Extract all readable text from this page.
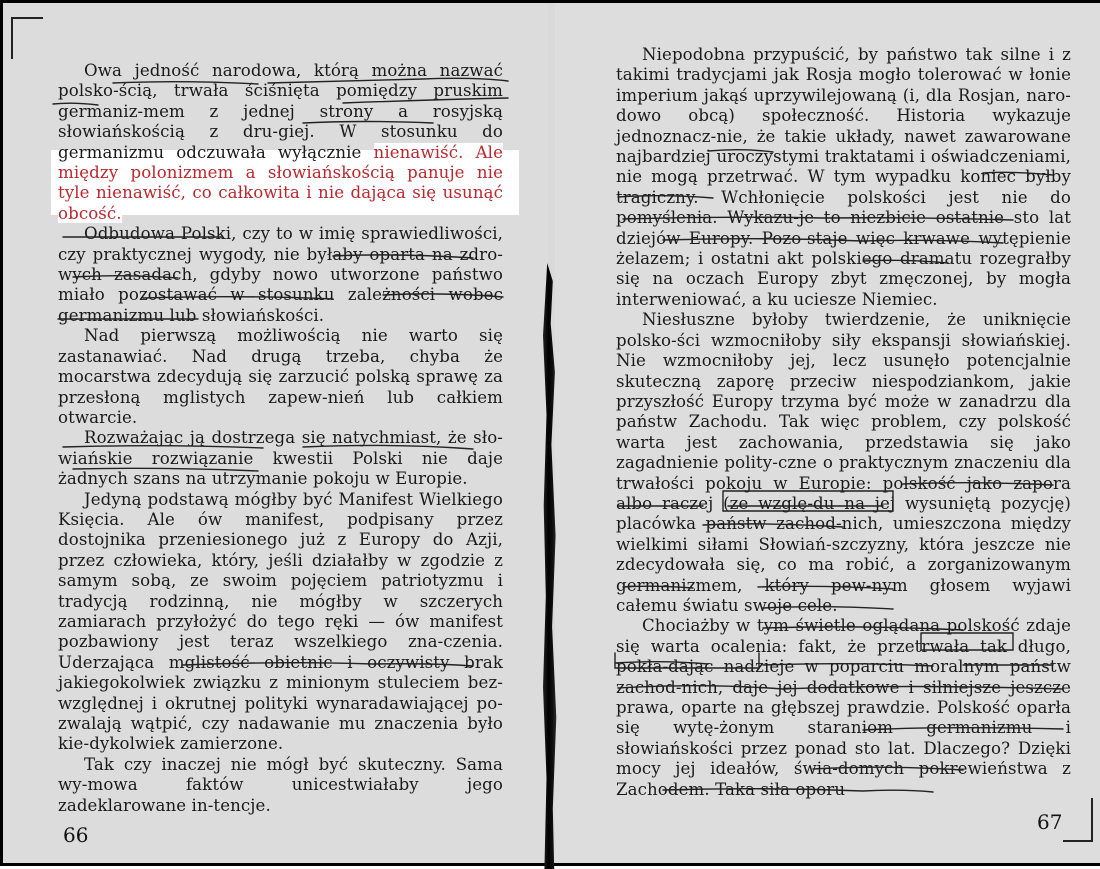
Owa jedność narodowa, którą można nazwać polsko-ścią, trwała ściśnięta pomiędzy pruskim germaniz-mem z jednej strony a rosyjską słowiańskością z dru-giej. W stosunku do germanizmu odczuwała wyłącznie nienawiść. Ale między polonizmem a słowiańskością panuje nie tyle nienawiść, co całkowita i nie dająca się usunąć obcość.

Odbudowa Polski, czy to w imię sprawiedliwości, czy praktycznej wygody, nie byłaby oparta na zdro-wych zasadach, gdyby nowo utworzone państwo miało pozostawać w stosunku zależności wobec germanizmu lub słowiańskości.

Nad pierwszą możliwością nie warto się zastanawiać. Nad drugą trzeba, chyba że mocarstwa zdecydują się zarzucić polską sprawę za przesłoną mglistych zapew-nień lub całkiem otwarcie.

Rozważając ją dostrzega się natychmiast, że sło-wiańskie rozwiązanie kwestii Polski nie daje żadnych szans na utrzymanie pokoju w Europie.

Jedyną podstawą mógłby być Manifest Wielkiego Księcia. Ale ów manifest, podpisany przez dostojnika przeniesionego już z Europy do Azji, przez człowieka, który, jeśli działałby w zgodzie z samym sobą, ze swoim pojęciem patriotyzmu i tradycją rodzinną, nie mógłby w szczerych zamiarach przyłożyć do tego ręki — ów manifest pozbawiony jest teraz wszelkiego zna-czenia. Uderzająca mglistość obietnic i oczywisty brak jakiegokolwiek związku z minionym stuleciem bez-względnej i okrutnej polityki wynaradawiającej po-zwalają wątpić, czy nadawanie mu znaczenia było kie-dykolwiek zamierzone.

Tak czy inaczej nie mógł być skuteczny. Sama wy-mowa faktów unicestwiałaby jego zadeklarowane in-tencje.

Niepodobna przypuścić, by państwo tak silne i z takimi tradycjami jak Rosja mogło tolerować w łonie imperium jakąś uprzywilejowaną (i, dla Rosjan, naro-dowo obcą) społeczność. Historia wykazuje jednoznacz-nie, że takie układy, nawet zawarowane najbardziej uroczystymi traktatami i oświadczeniami, nie mogą przetrwać. W tym wypadku koniec byłby tragiczny. Wchłonięcie polskości jest nie do pomyślenia. Wykazu-je to niezbicie ostatnie sto lat dziejów Europy. Pozo-staje więc krwawe wytępienie żelazem; i ostatni akt polskiego dramatu rozegrałby się na oczach Europy zbyt zmęczonej, by mogła interweniować, a ku uciesze Niemiec.

Niesłuszne byłoby twierdzenie, że uniknięcie polsko-ści wzmocniłoby siły ekspansji słowiańskiej. Nie wzmocniłoby jej, lecz usunęło potencjalnie skuteczną zaporę przeciw niespodziankom, jakie przyszłość Europy trzyma być może w zanadrzu dla państw Zachodu. Tak więc problem, czy polskość warta jest zachowania, przedstawia się jako zagadnienie polity-czne o praktycznym znaczeniu dla trwałości pokoju w Europie: polskość jako zapora albo raczej (ze wzglę-du na jej wysuniętą pozycję) placówka państw zachod-nich, umieszczona między wielkimi siłami Słowiań-szczyzny, która jeszcze nie zdecydowała się, co ma robić, a zorganizowanym germanizmem, który pew-nym głosem wyjawi całemu światu swoje cele.

Chociażby w tym świetle oglądana polskość zdaje się warta ocalenia: fakt, że przetrwała tak długo, pokła-dając nadzieje w poparciu moralnym państw zachod-nich, daje jej dodatkowe i silniejsze jeszcze prawa, oparte na głębszej prawdzie. Polskość oparła się wytę-żonym staraniom germanizmu i słowiańskości przez ponad sto lat. Dlaczego? Dzięki mocy jej ideałów, świa-domych pokrewieństwa z Zachodem. Taka siła oporu

66
67
